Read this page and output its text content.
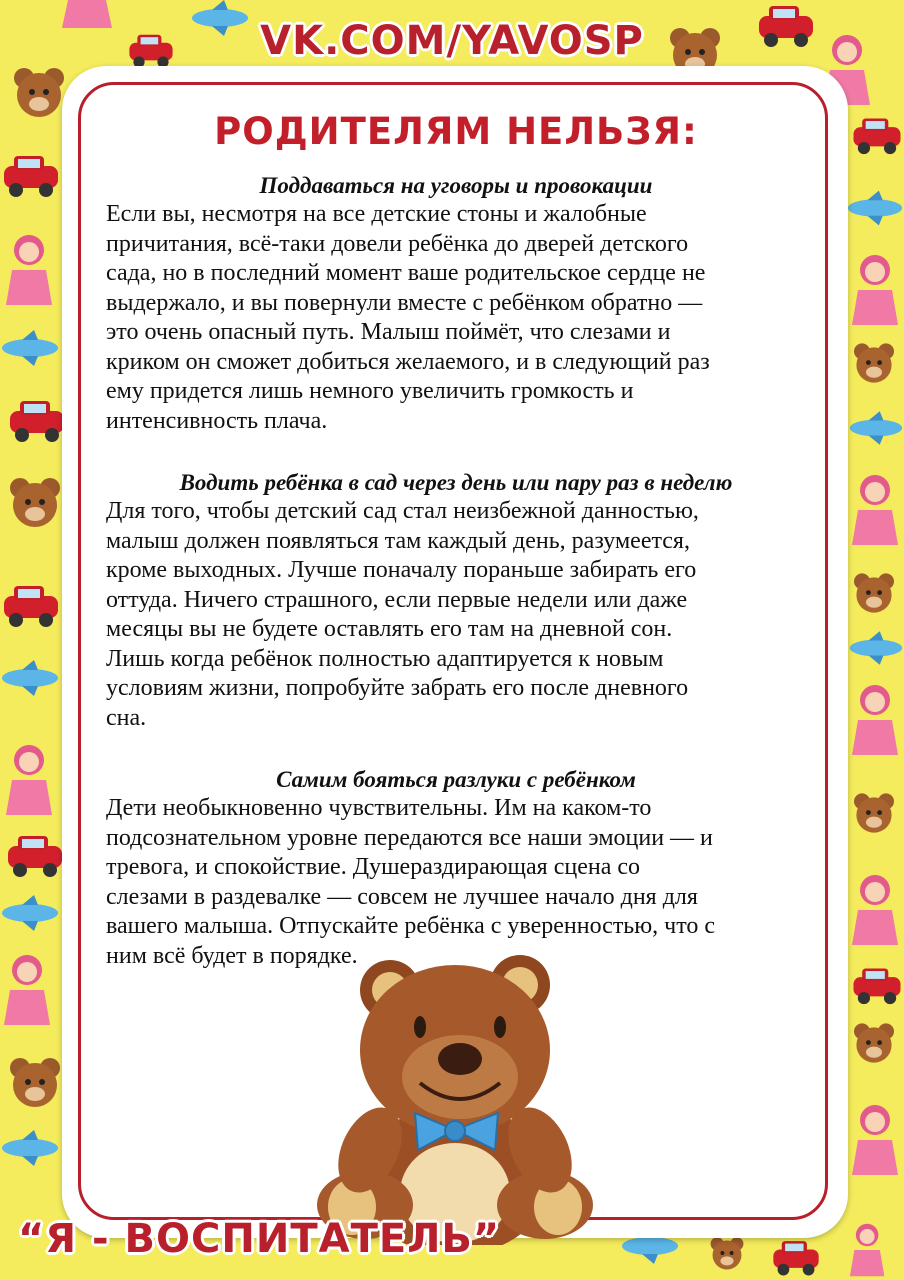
VK.COM/YAVOSP
РОДИТЕЛЯМ НЕЛЬЗЯ:
Поддаваться на уговоры и провокации
Если вы, несмотря на все детские стоны и жалобные
причитания, всё-таки довели ребёнка до дверей детского
сада, но в последний момент ваше родительское сердце не
выдержало, и вы повернули вместе с ребёнком обратно —
это очень опасный путь. Малыш поймёт, что слезами и
криком он сможет добиться желаемого, и в следующий раз
ему придется лишь немного увеличить громкость и
интенсивность плача.
Водить ребёнка в сад через день или пару раз в неделю
Для того, чтобы детский сад стал неизбежной данностью,
малыш должен появляться там каждый день, разумеется,
кроме выходных. Лучше поначалу пораньше забирать его
оттуда. Ничего страшного, если первые недели или даже
месяцы вы не будете оставлять его там на дневной сон.
Лишь когда ребёнок полностью адаптируется к новым
условиям жизни, попробуйте забрать его после дневного
сна.
Самим бояться разлуки с ребёнком
Дети необыкновенно чувствительны. Им на каком-то
подсознательном уровне передаются все наши эмоции — и
тревога, и спокойствие. Душераздирающая сцена со
слезами в раздевалке — совсем не лучшее начало дня для
вашего малыша. Отпускайте ребёнка с уверенностью, что с
ним всё будет в порядке.
“Я - ВОСПИТАТЕЛЬ”
